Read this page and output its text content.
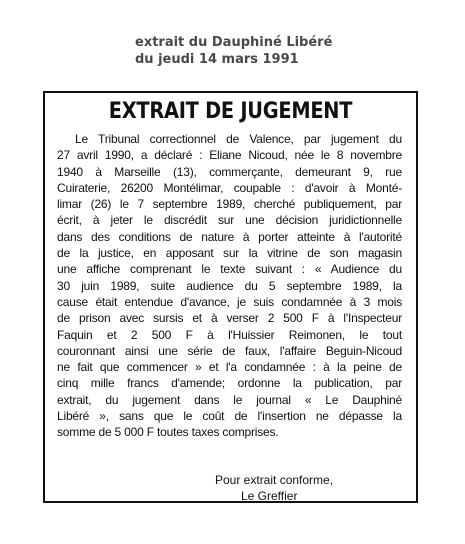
extrait du Dauphiné Libéré
du jeudi 14 mars 1991
EXTRAIT DE JUGEMENT
Le Tribunal correctionnel de Valence, par jugement du
27 avril 1990, a déclaré : Eliane Nicoud, née le 8 novembre
1940 à Marseille (13), commerçante, demeurant 9, rue
Cuiraterie, 26200 Montélimar, coupable : d'avoir à Monté-
limar (26) le 7 septembre 1989, cherché publiquement, par
écrit, à jeter le discrédit sur une décision juridictionnelle
dans des conditions de nature à porter atteinte à l'autorité
de la justice, en apposant sur la vitrine de son magasin
une affiche comprenant le texte suivant : « Audience du
30 juin 1989, suite audience du 5 septembre 1989, la
cause était entendue d'avance, je suis condamnée à 3 mois
de prison avec sursis et à verser 2 500 F à l'Inspecteur
Faquin et 2 500 F à l'Huissier Reimonen, le tout
couronnant ainsi une série de faux, l'affaire Beguin-Nicoud
ne fait que commencer » et l'a condamnée : à la peine de
cinq mille francs d'amende; ordonne la publication, par
extrait, du jugement dans le journal « Le Dauphiné
Libéré », sans que le coût de l'insertion ne dépasse la
somme de 5 000 F toutes taxes comprises.
Pour extrait conforme,
Le Greffier
